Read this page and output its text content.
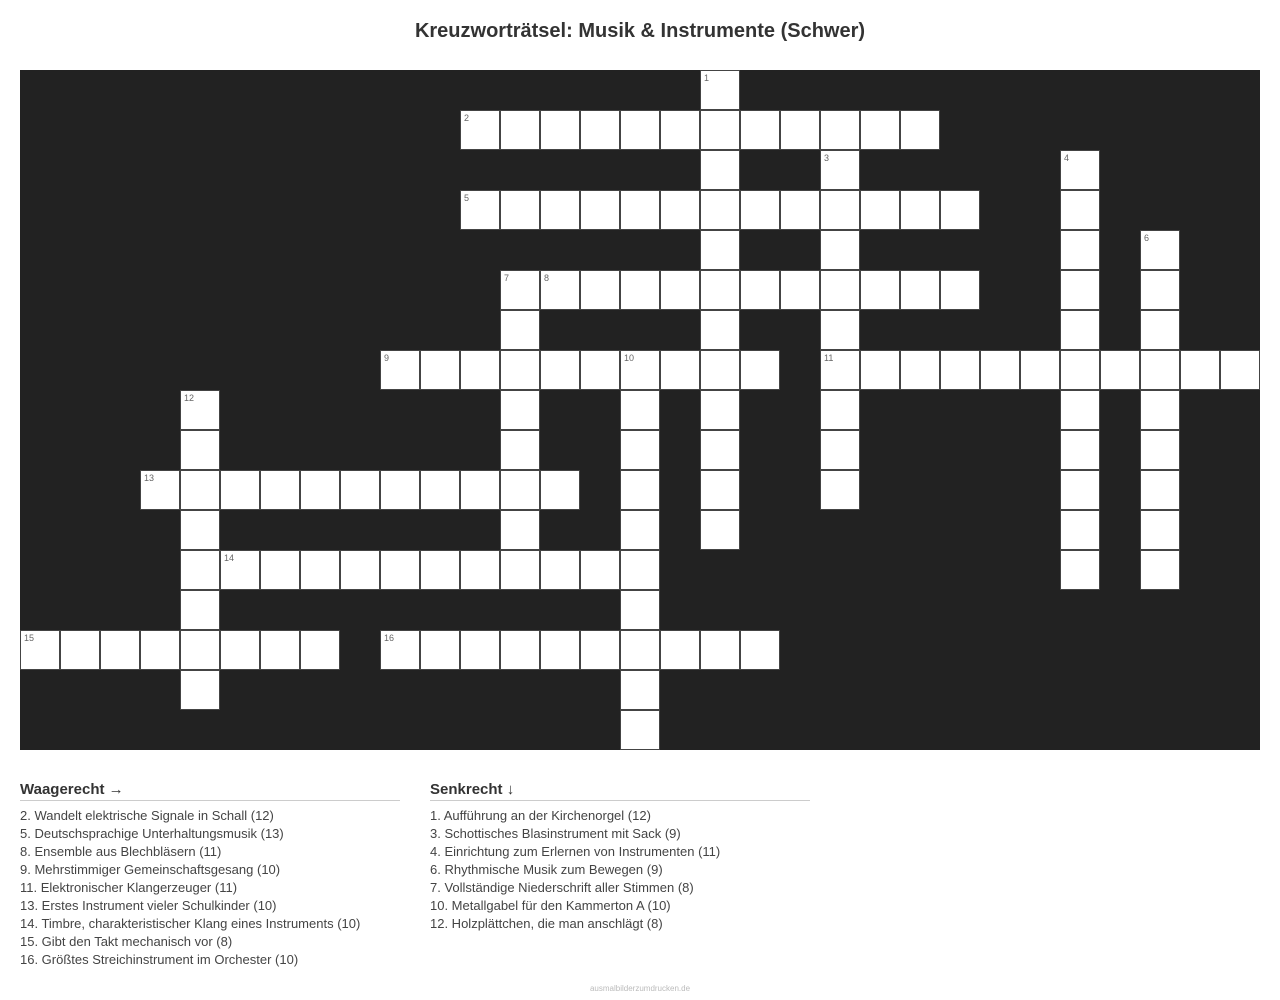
Kreuzworträtsel: Musik & Instrumente (Schwer)
1
2
3
11
4
5
6
7	8
9	10
12
13
14
15	16
Waagerecht →
2. Wandelt elektrische Signale in Schall (12)
5. Deutschsprachige Unterhaltungsmusik (13)
8. Ensemble aus Blechbläsern (11)
9. Mehrstimmiger Gemeinschaftsgesang (10)
11. Elektronischer Klangerzeuger (11)
13. Erstes Instrument vieler Schulkinder (10)
14. Timbre, charakteristischer Klang eines Instruments (10)
15. Gibt den Takt mechanisch vor (8)
16. Größtes Streichinstrument im Orchester (10)
Senkrecht ↓
1. Aufführung an der Kirchenorgel (12)
3. Schottisches Blasinstrument mit Sack (9)
4. Einrichtung zum Erlernen von Instrumenten (11)
6. Rhythmische Musik zum Bewegen (9)
7. Vollständige Niederschrift aller Stimmen (8)
10. Metallgabel für den Kammerton A (10)
12. Holzplättchen, die man anschlägt (8)
ausmalbilderzumdrucken.de
